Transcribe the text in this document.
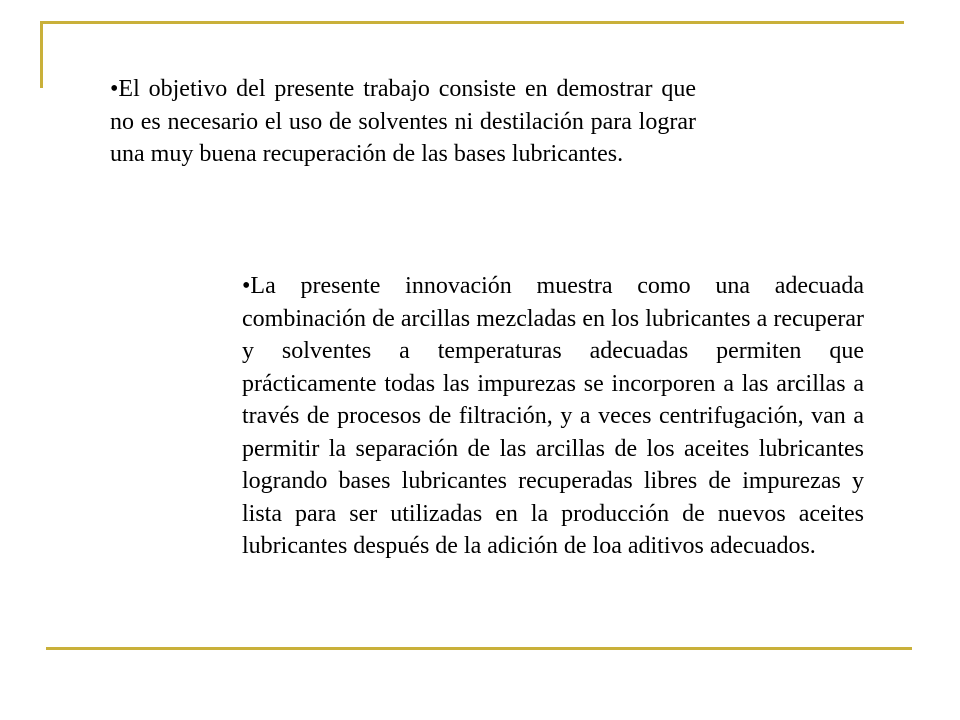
•El objetivo del presente trabajo consiste en demostrar que no es necesario el uso de solventes ni destilación para lograr una muy buena recuperación de las bases lubricantes.

•La presente innovación muestra como una adecuada combinación de arcillas mezcladas en los lubricantes a recuperar y solventes a temperaturas adecuadas permiten que prácticamente todas las impurezas se incorporen a las arcillas a través de procesos de filtración, y a veces centrifugación, van a permitir la separación de las arcillas de los aceites lubricantes logrando bases lubricantes recuperadas libres de impurezas y lista para ser utilizadas en la producción de nuevos aceites lubricantes después de la adición de loa aditivos adecuados.
